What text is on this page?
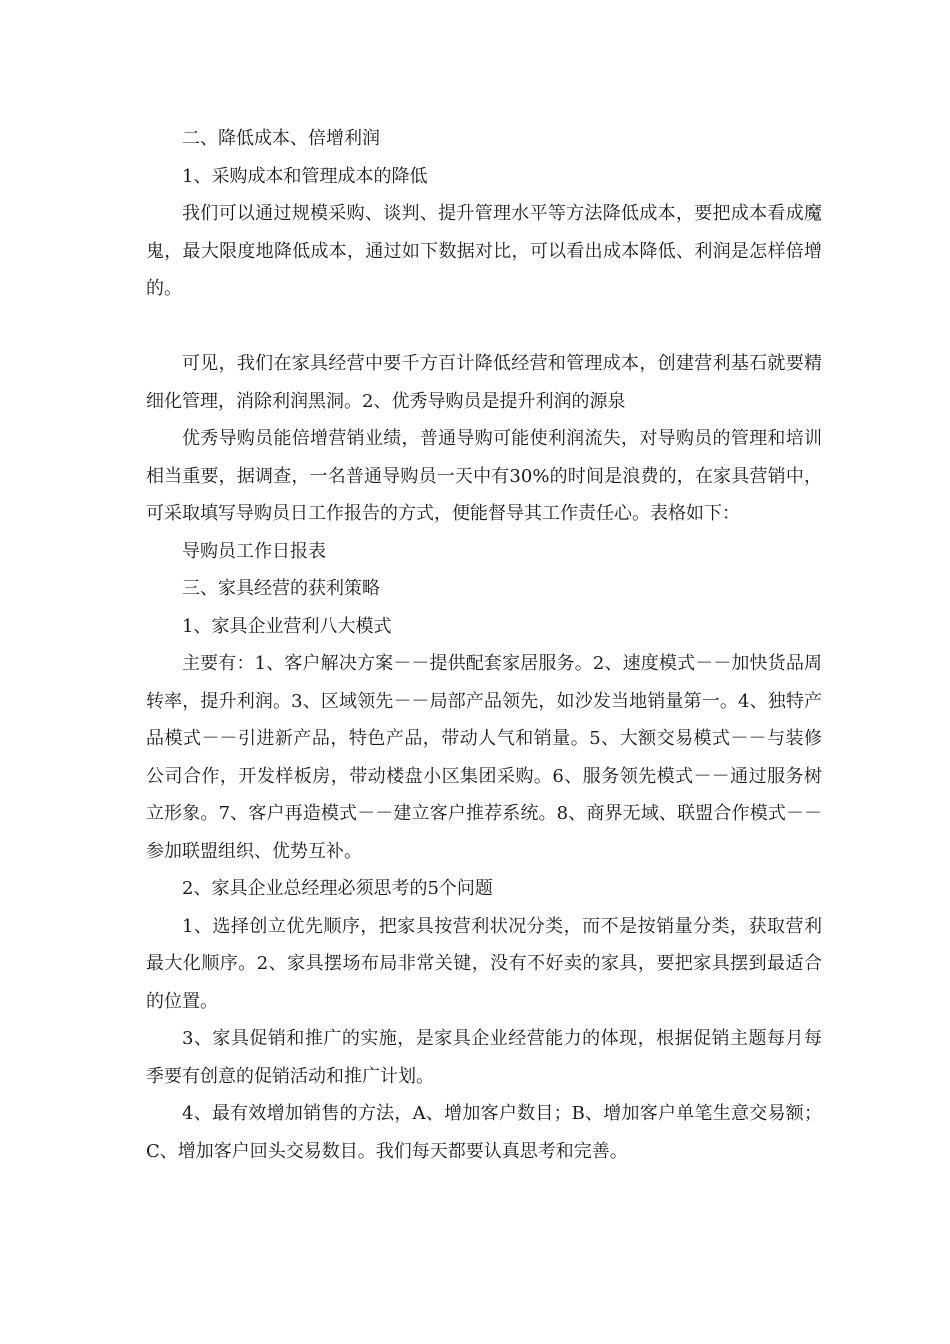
二、降低成本、倍增利润

1、采购成本和管理成本的降低

我们可以通过规模采购、谈判、提升管理水平等方法降低成本，要把成本看成魔鬼，最大限度地降低成本，通过如下数据对比，可以看出成本降低、利润是怎样倍增的。

可见，我们在家具经营中要千方百计降低经营和管理成本，创建营利基石就要精细化管理，消除利润黑洞。2、优秀导购员是提升利润的源泉

优秀导购员能倍增营销业绩，普通导购可能使利润流失，对导购员的管理和培训相当重要，据调查，一名普通导购员一天中有30%的时间是浪费的，在家具营销中，可采取填写导购员日工作报告的方式，便能督导其工作责任心。表格如下：

导购员工作日报表

三、家具经营的获利策略

1、家具企业营利八大模式

主要有：1、客户解决方案－－提供配套家居服务。2、速度模式－－加快货品周转率，提升利润。3、区域领先－－局部产品领先，如沙发当地销量第一。4、独特产品模式－－引进新产品，特色产品，带动人气和销量。5、大额交易模式－－与装修公司合作，开发样板房，带动楼盘小区集团采购。6、服务领先模式－－通过服务树立形象。7、客户再造模式－－建立客户推荐系统。8、商界无域、联盟合作模式－－参加联盟组织、优势互补。

2、家具企业总经理必须思考的5个问题

1、选择创立优先顺序，把家具按营利状况分类，而不是按销量分类，获取营利最大化顺序。2、家具摆场布局非常关键，没有不好卖的家具，要把家具摆到最适合的位置。

3、家具促销和推广的实施，是家具企业经营能力的体现，根据促销主题每月每季要有创意的促销活动和推广计划。

4、最有效增加销售的方法，A、增加客户数目；B、增加客户单笔生意交易额；C、增加客户回头交易数目。我们每天都要认真思考和完善。
